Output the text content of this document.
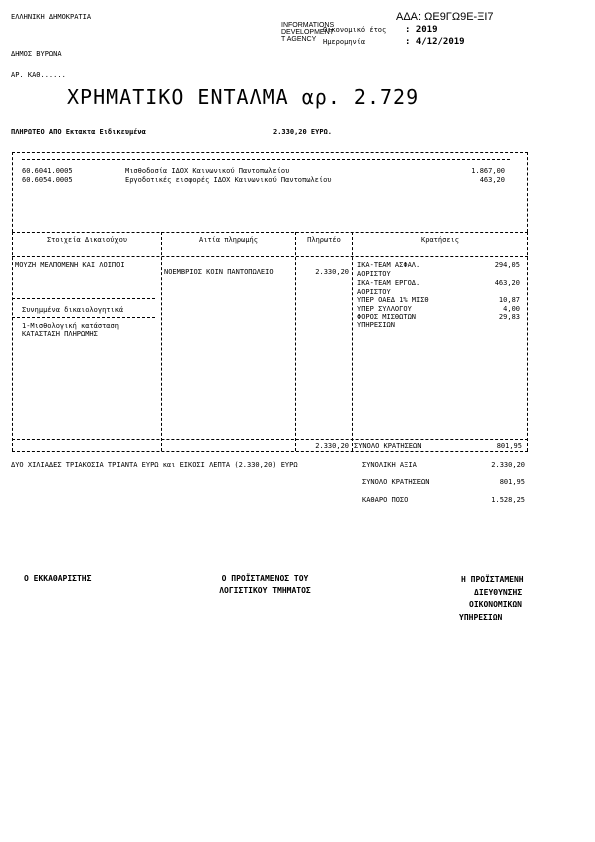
ΕΛΛΗΝΙΚΗ ΔΗΜΟΚΡΑΤΙΑ
ΔΗΜΟΣ ΒΥΡΩΝΑ
ΑΡ. ΚΑΘ......
ΑΔΑ: ΩΕ9ΓΩ9Ε-ΞΙ7
INFORMATIONS
DEVELOPMENT
T AGENCY
Οικονομικό έτος : 2019
Ημερομηνία	: 4/12/2019
ΧΡΗΜΑΤΙΚΟ ΕΝΤΑΛΜΑ αρ. 2.729
ΠΛΗΡΩΤΕΟ ΑΠΟ Εκτακτα Ειδικευμένα	2.330,20 ΕΥΡΩ.
60.6041.0005	Μισθοδοσία ΙΔΟΧ Καινωνικού Παντοπωλείου	1.867,00
60.6054.0005	Εργοδοτικές εισφορές ΙΔΟΧ Καινωνικού Παντοπωλείου	463,20
Στοιχεία Δικαιούχου	Αιτία πληρωμής	Πληρωτέο	Κρατήσεις
ΜΟΥΖΗ ΜΕΛΠΟΜΕΝΗ ΚΑΙ ΛΟΙΠΟΙ
Συνημμένα δικαιολογητικά
1-Μισθολογική κατάσταση
ΚΑΤΑΣΤΑΣΗ ΠΛΗΡΩΜΗΣ
ΝΟΕΜΒΡΙΟΣ ΚΟΙΝ ΠΑΝΤΟΠΩΛΕΙΟ	2.330,20
ΙΚΑ-ΤΕΑΜ ΑΣΦΑΛ.	294,05
ΑΟΡΙΣΤΟΥ
ΙΚΑ-ΤΕΑΜ ΕΡΓΟΔ.	463,20
ΑΟΡΙΣΤΟΥ
ΥΠΕΡ ΟΑΕΔ 1% ΜΙΣΘ	10,87
ΥΠΕΡ ΣΥΛΛΟΓΟΥ	4,00
ΦΟΡΟΣ ΜΙΣΘΩΤΩΝ	29,83
ΥΠΗΡΕΣΙΩΝ
2.330,20 ΣΥΝΟΛΟ ΚΡΑΤΗΣΕΩΝ	801,95
ΔΥΟ ΧΙΛΙΑΔΕΣ ΤΡΙΑΚΟΣΙΑ ΤΡΙΑΝΤΑ ΕΥΡΩ και ΕΙΚΟΣΙ ΛΕΠΤΑ (2.330,20) ΕΥΡΩ	ΣΥΝΟΛΙΚΗ ΑΞΙΑ	2.330,20
ΣΥΝΟΛΟ ΚΡΑΤΗΣΕΩΝ	801,95
ΚΑΘΑΡΟ ΠΟΣΟ	1.528,25
Ο ΕΚΚΑΘΑΡΙΣΤΗΣ	Ο ΠΡΟΪΣΤΑΜΕΝΟΣ ΤΟΥ
ΛΟΓΙΣΤΙΚΟΥ ΤΜΗΜΑΤΟΣ
Η ΠΡΟΪΣΤΑΜΕΝΗ
ΔΙΕΥΘΥΝΣΗΣ
ΟΙΚΟΝΟΜΙΚΩΝ
ΥΠΗΡΕΣΙΩΝ
